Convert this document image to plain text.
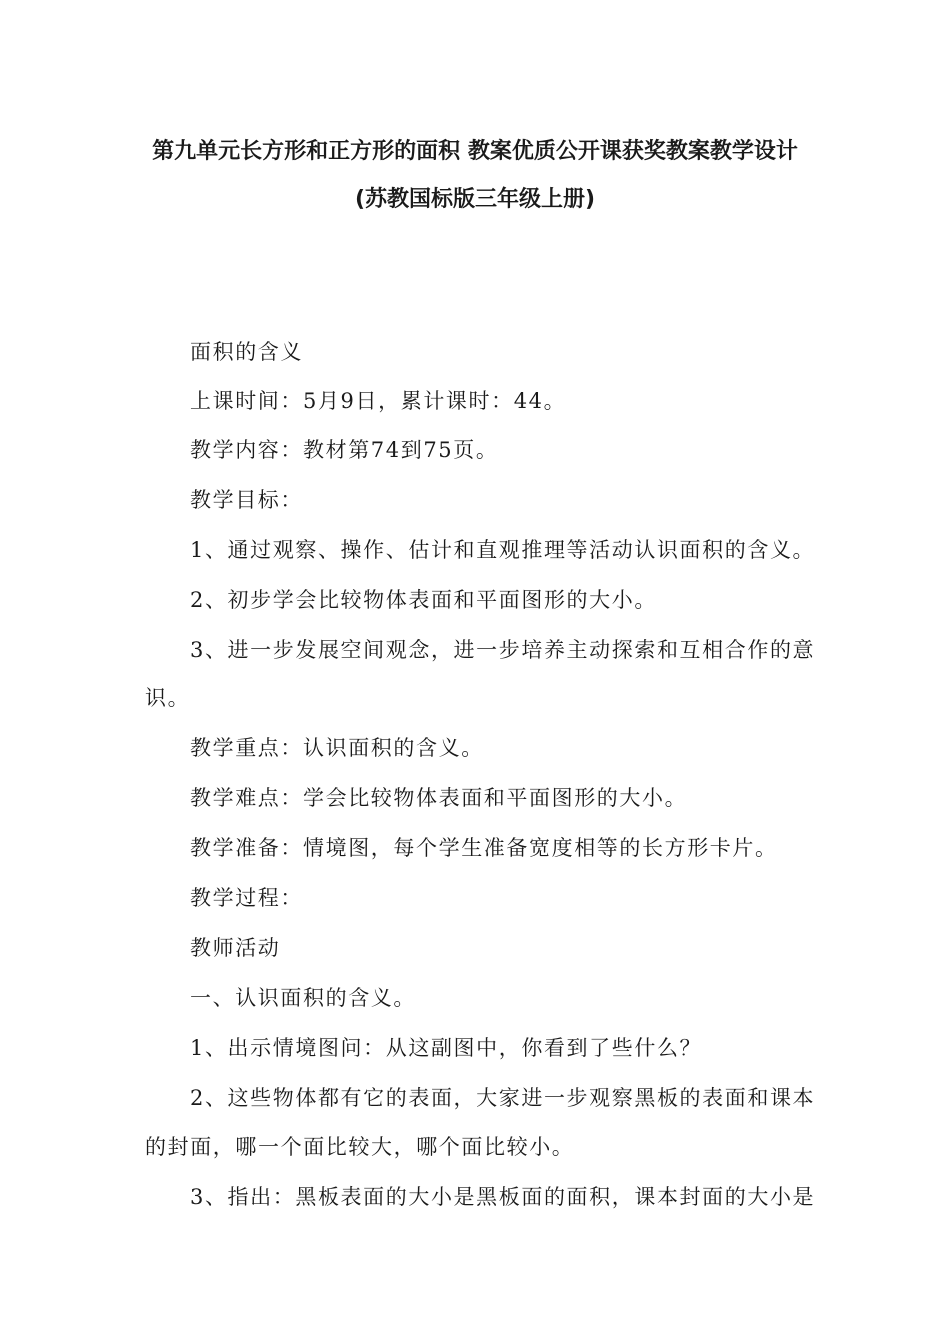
第九单元长方形和正方形的面积 教案优质公开课获奖教案教学设计
(苏教国标版三年级上册)

面积的含义

上课时间：5月9日，累计课时：44。

教学内容：教材第74到75页。

教学目标：

1、通过观察、操作、估计和直观推理等活动认识面积的含义。

2、初步学会比较物体表面和平面图形的大小。

3、进一步发展空间观念，进一步培养主动探索和互相合作的意

识。

教学重点：认识面积的含义。

教学难点：学会比较物体表面和平面图形的大小。

教学准备：情境图，每个学生准备宽度相等的长方形卡片。

教学过程：

教师活动

一、认识面积的含义。

1、出示情境图问：从这副图中，你看到了些什么？

2、这些物体都有它的表面，大家进一步观察黑板的表面和课本

的封面，哪一个面比较大，哪个面比较小。

3、指出：黑板表面的大小是黑板面的面积，课本封面的大小是
